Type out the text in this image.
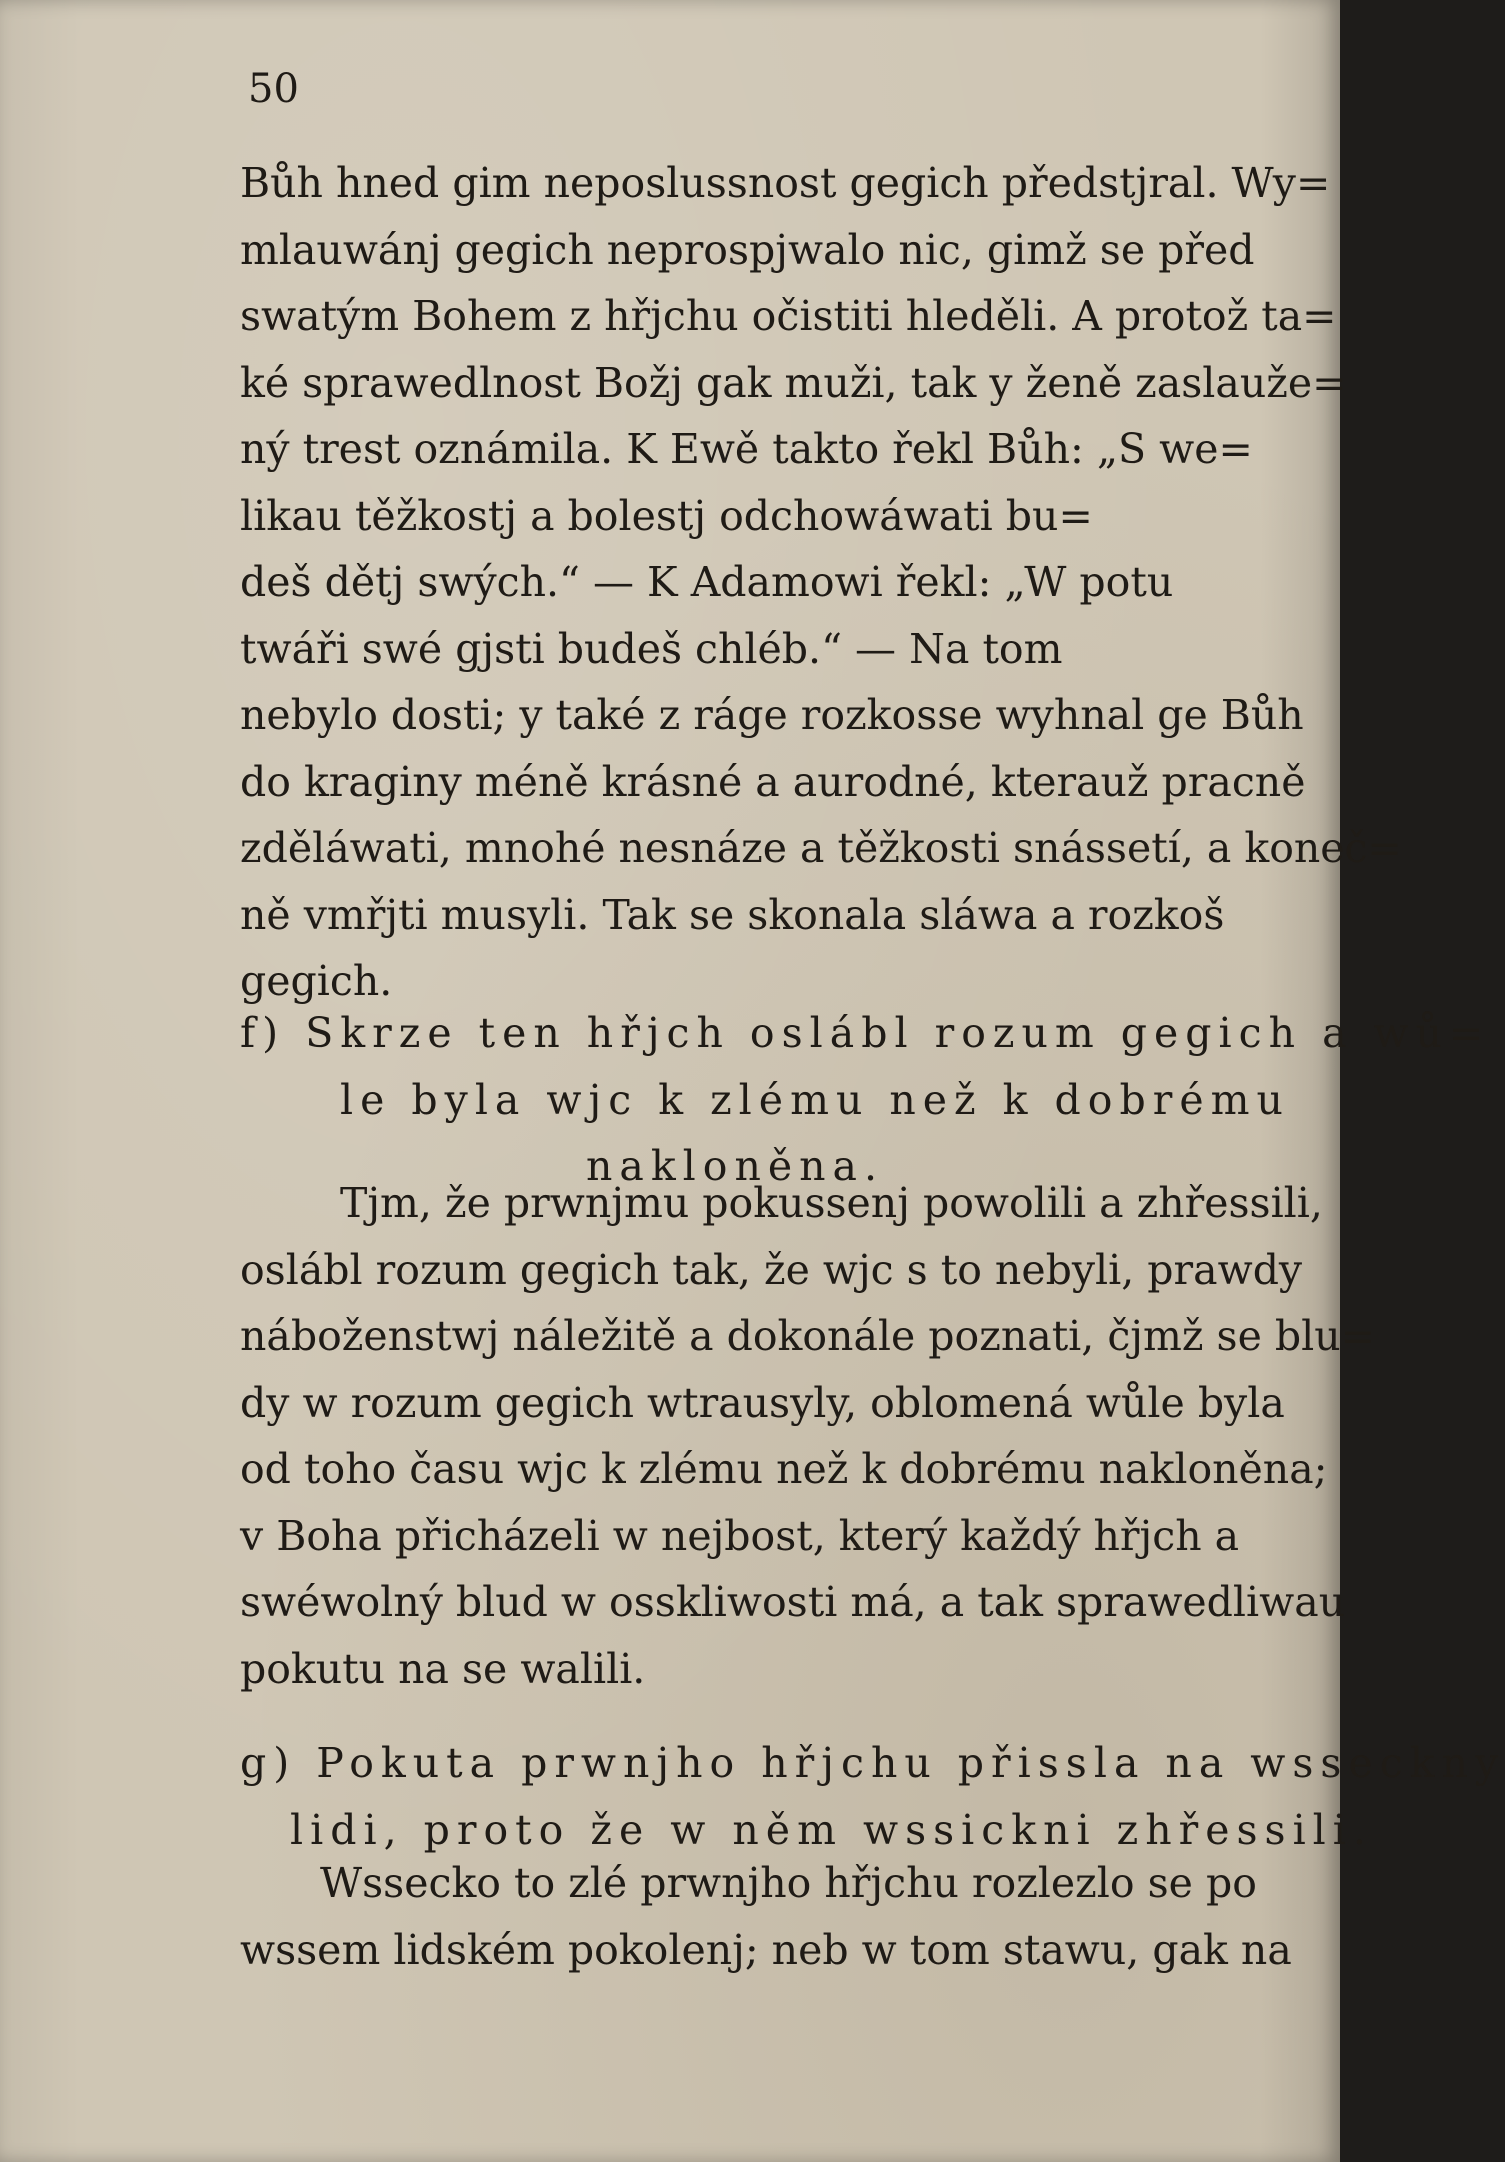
50
Bůh hned gim neposlussnost gegich předstjral. Wy=
mlauwánj gegich neprospjwalo nic, gimž se před
swatým Bohem z hřjchu očistiti hleděli. A protož ta=
ké sprawedlnost Božj gak muži, tak y ženě zaslauže=
ný trest oznámila. K Ewě takto řekl Bůh: „S we=
likau těžkostj a bolestj odchowáwati bu=
deš dětj swých.“ — K Adamowi řekl: „W potu
twáři swé gjsti budeš chléb.“ — Na tom
nebylo dosti; y také z ráge rozkosse wyhnal ge Bůh
do kraginy méně krásné a aurodné, kterauž pracně
zděláwati, mnohé nesnáze a těžkosti snássetí, a koneč=
ně vmřjti musyli. Tak se skonala sláwa a rozkoš
gegich.
f) Skrze ten hřjch oslábl rozum gegich a wů=
le byla wjc k zlému než k dobrému
nakloněna.
Tjm, že prwnjmu pokussenj powolili a zhřessili,
oslábl rozum gegich tak, že wjc s to nebyli, prawdy
náboženstwj náležitě a dokonále poznati, čjmž se blu=
dy w rozum gegich wtrausyly, oblomená wůle byla
od toho času wjc k zlému než k dobrému nakloněna;
v Boha přicházeli w nejbost, který každý hřjch a
swéwolný blud w osskliwosti má, a tak sprawedliwau
pokutu na se walili.
g) Pokuta prwnjho hřjchu přissla na wsseckny
lidi, proto že w něm wssickni zhřessili.
Wssecko to zlé prwnjho hřjchu rozlezlo se po
wssem lidském pokolenj; neb w tom stawu, gak na
